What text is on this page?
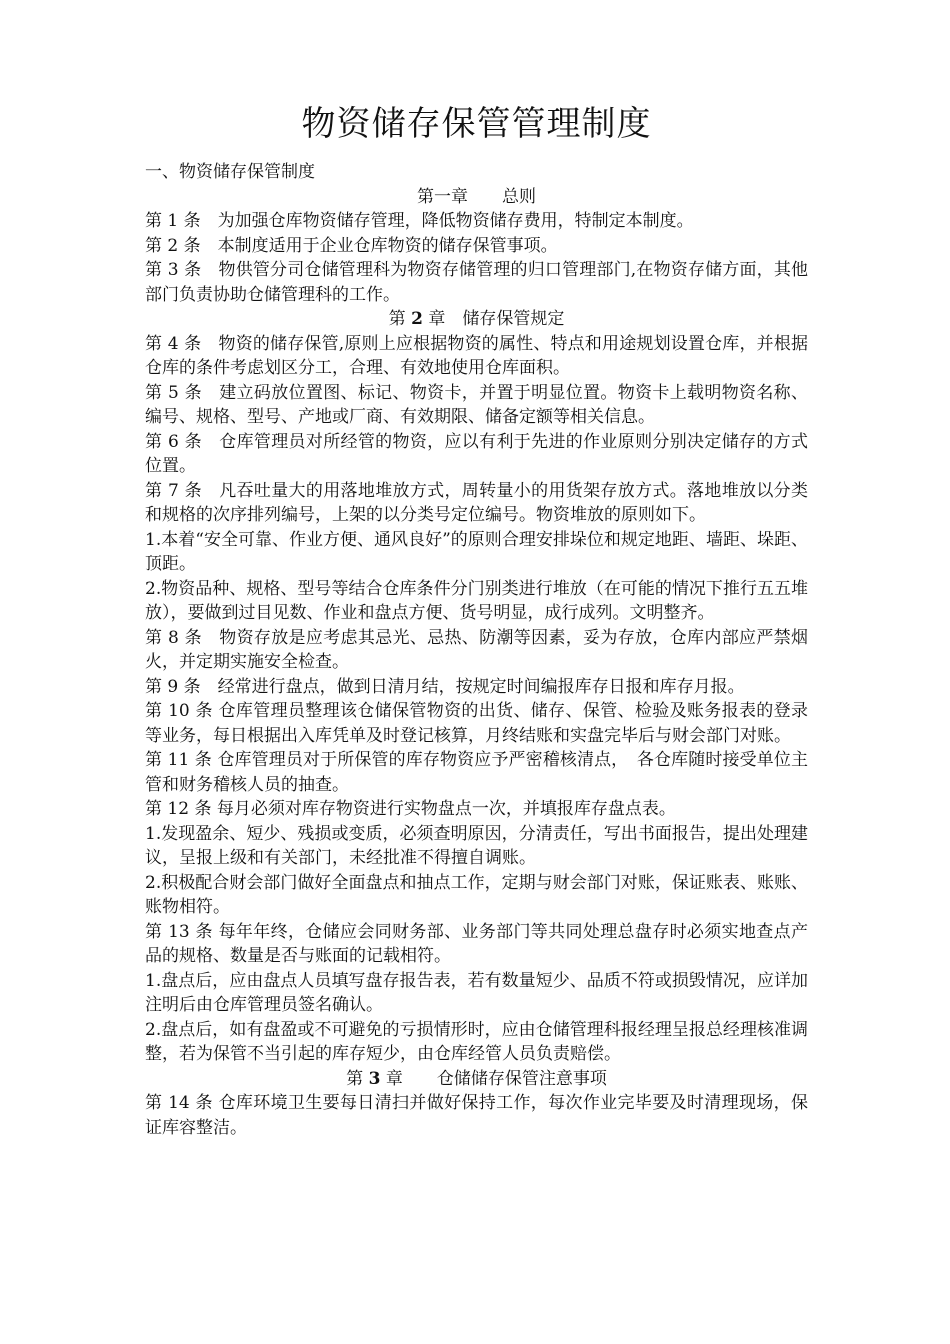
物资储存保管管理制度

一、物资储存保管制度

第一章　　总则

第 1 条　为加强仓库物资储存管理，降低物资储存费用，特制定本制度。

第 2 条　本制度适用于企业仓库物资的储存保管事项。

第 3 条　物供管分司仓储管理科为物资存储管理的归口管理部门,在物资存储方面，其他部门负责协助仓储管理科的工作。

第 2 章　储存保管规定

第 4 条　物资的储存保管,原则上应根据物资的属性、特点和用途规划设置仓库，并根据仓库的条件考虑划区分工，合理、有效地使用仓库面积。

第 5 条　建立码放位置图、标记、物资卡，并置于明显位置。物资卡上载明物资名称、编号、规格、型号、产地或厂商、有效期限、储备定额等相关信息。

第 6 条　仓库管理员对所经管的物资，应以有利于先进的作业原则分别决定储存的方式位置。

第 7 条　凡吞吐量大的用落地堆放方式，周转量小的用货架存放方式。落地堆放以分类和规格的次序排列编号，上架的以分类号定位编号。物资堆放的原则如下。

1.本着“安全可靠、作业方便、通风良好”的原则合理安排垛位和规定地距、墙距、垛距、顶距。

2.物资品种、规格、型号等结合仓库条件分门别类进行堆放（在可能的情况下推行五五堆放），要做到过目见数、作业和盘点方便、货号明显，成行成列。文明整齐。

第 8 条　物资存放是应考虑其忌光、忌热、防潮等因素，妥为存放，仓库内部应严禁烟火，并定期实施安全检查。

第 9 条　经常进行盘点，做到日清月结，按规定时间编报库存日报和库存月报。

第 10 条 仓库管理员整理该仓储保管物资的出货、储存、保管、检验及账务报表的登录等业务，每日根据出入库凭单及时登记核算，月终结账和实盘完毕后与财会部门对账。

第 11 条 仓库管理员对于所保管的库存物资应予严密稽核清点，　各仓库随时接受单位主管和财务稽核人员的抽查。

第 12 条 每月必须对库存物资进行实物盘点一次，并填报库存盘点表。

1.发现盈余、短少、残损或变质，必须查明原因，分清责任，写出书面报告，提出处理建议，呈报上级和有关部门，未经批准不得擅自调账。

2.积极配合财会部门做好全面盘点和抽点工作，定期与财会部门对账，保证账表、账账、账物相符。

第 13 条 每年年终，仓储应会同财务部、业务部门等共同处理总盘存时必须实地查点产品的规格、数量是否与账面的记载相符。

1.盘点后，应由盘点人员填写盘存报告表，若有数量短少、品质不符或损毁情况，应详加注明后由仓库管理员签名确认。

2.盘点后，如有盘盈或不可避免的亏损情形时，应由仓储管理科报经理呈报总经理核准调整，若为保管不当引起的库存短少，由仓库经管人员负责赔偿。

第 3 章　　仓储储存保管注意事项

第 14 条 仓库环境卫生要每日清扫并做好保持工作，每次作业完毕要及时清理现场，保证库容整洁。
